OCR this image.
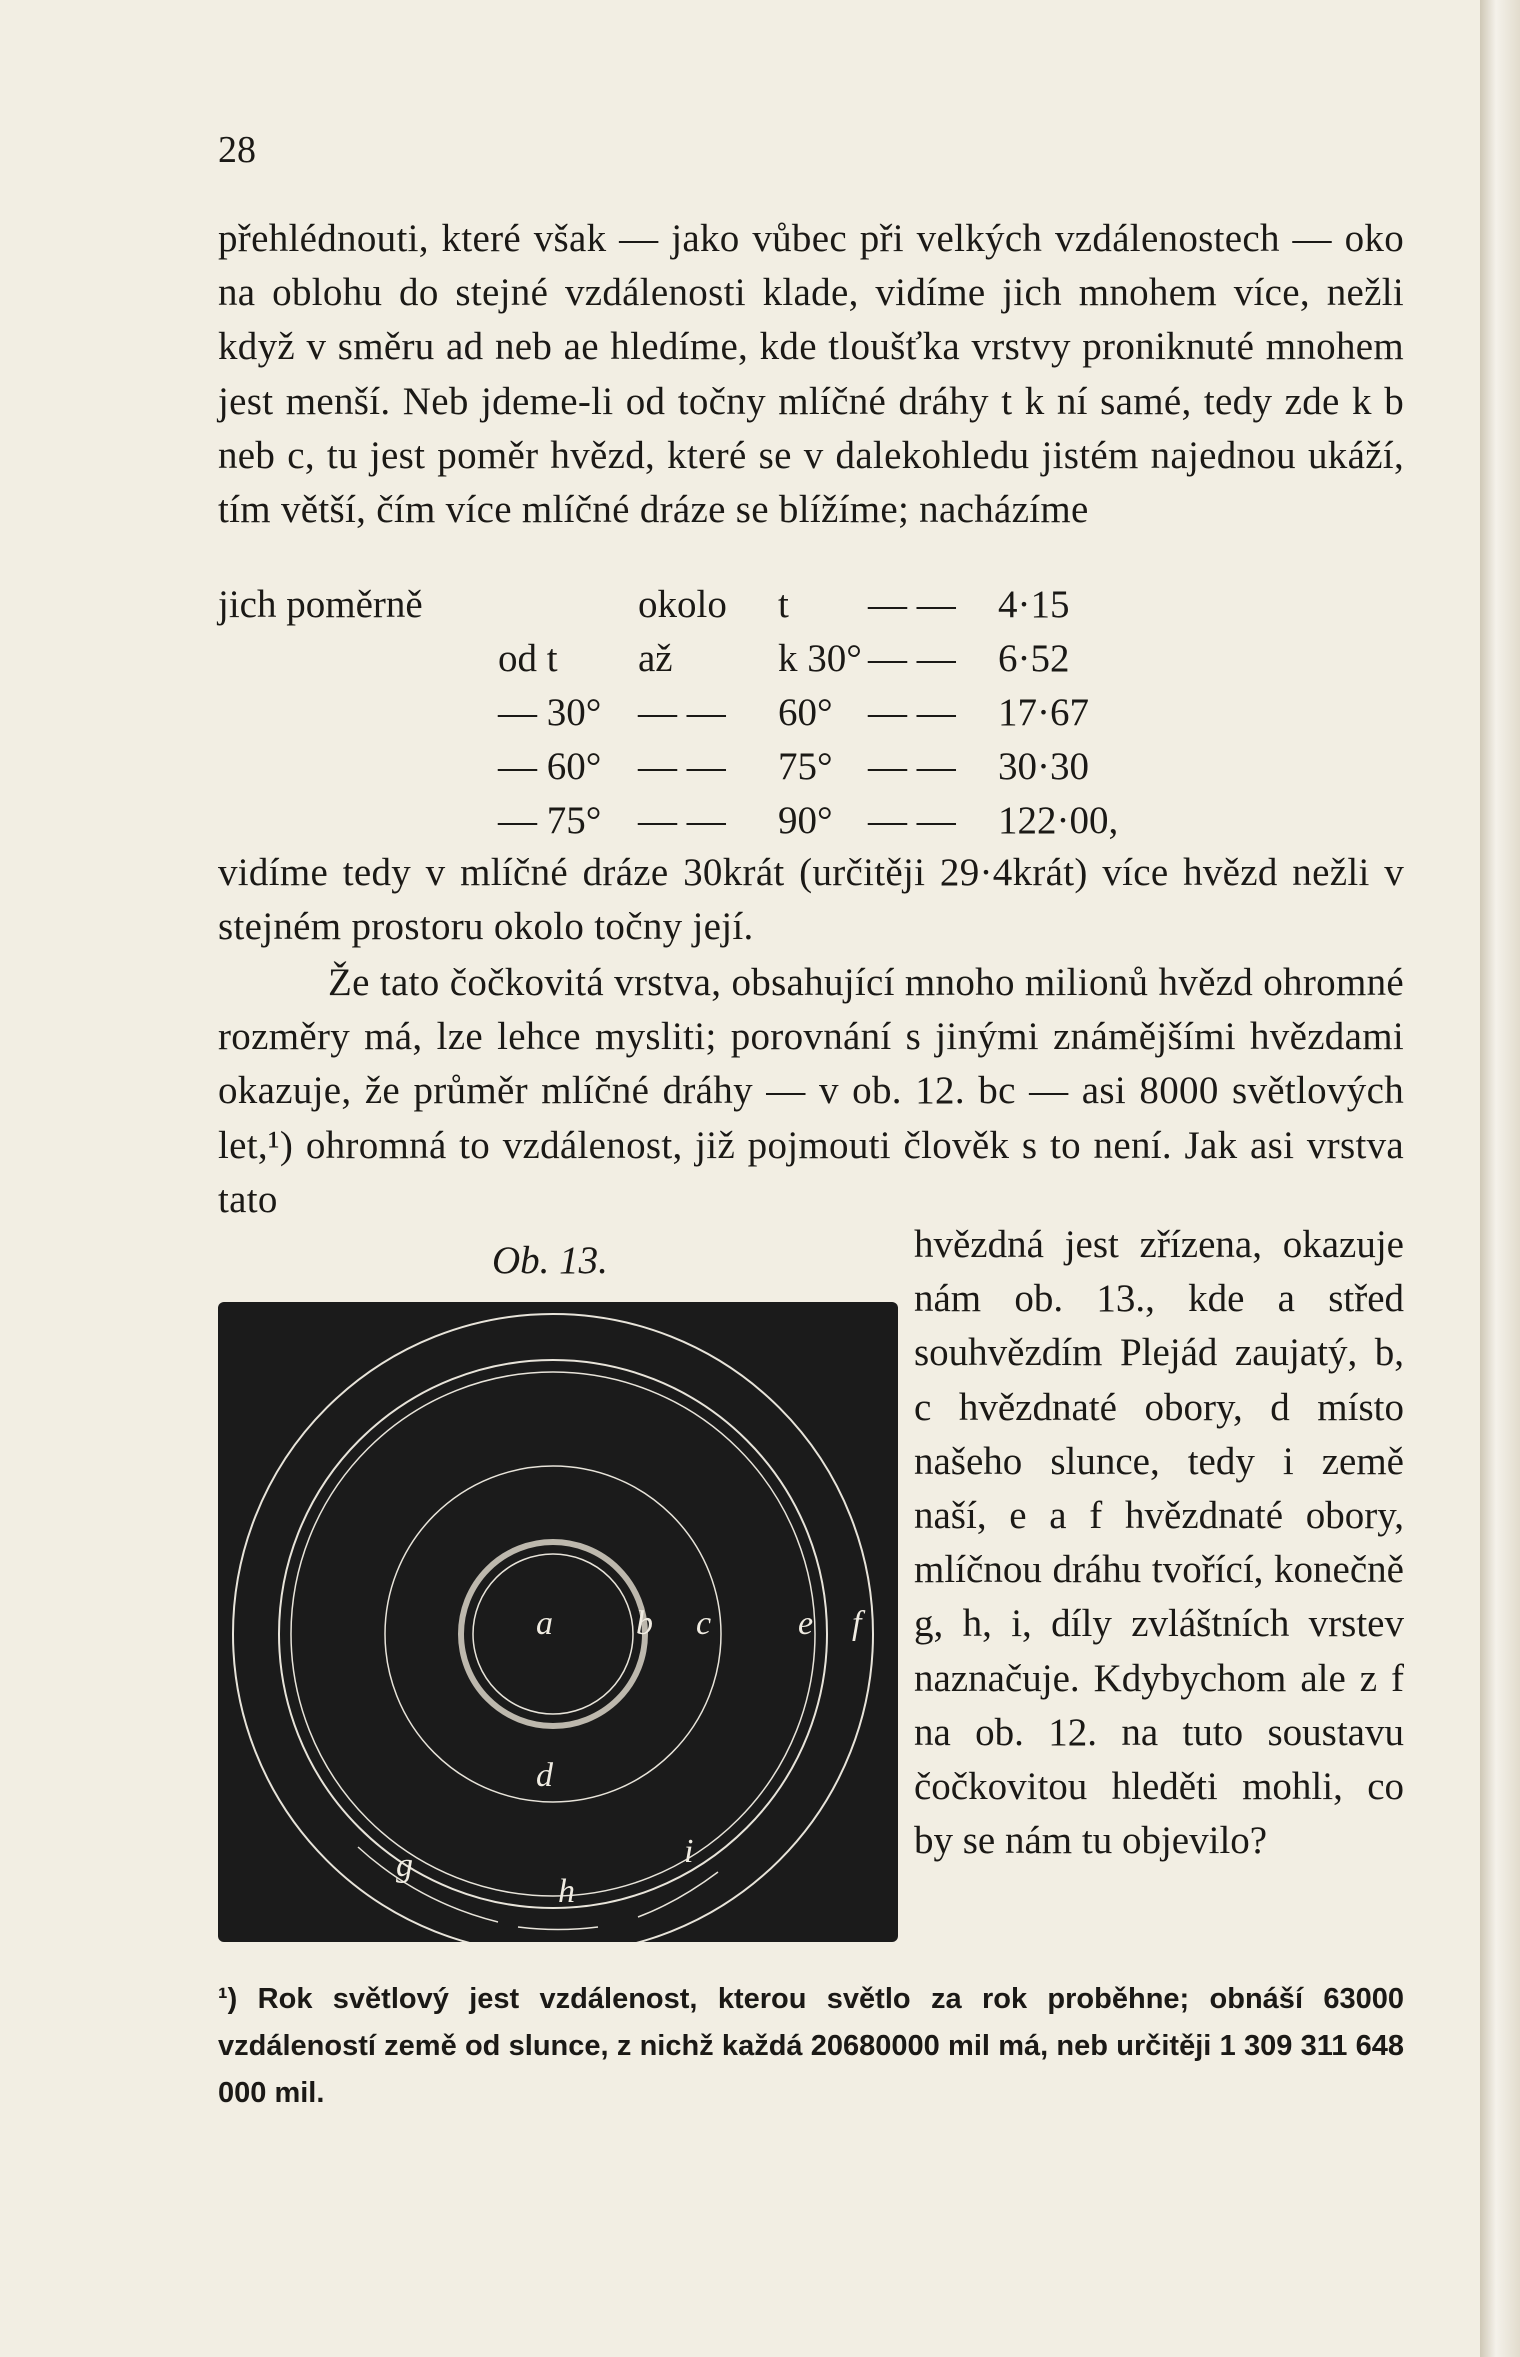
28

přehlédnouti, které však — jako vůbec při velkých vzdálenostech — oko na oblohu do stejné vzdálenosti klade, vidíme jich mnohem více, nežli když v směru ad neb ae hledíme, kde tloušťka vrstvy proniknuté mnohem jest menší. Neb jdeme-li od točny mlíčné dráhy t k ní samé, tedy zde k b neb c, tu jest poměr hvězd, které se v dalekohledu jistém najednou ukáží, tím větší, čím více mlíčné dráze se blížíme; nacházíme

jich poměrně	okolo t — — 4·15
od t až	k 30° — — 6·52
— 30° — — 60° — — 17·67
— 60° — — 75° — — 30·30
— 75° — — 90° — — 122·00,

vidíme tedy v mlíčné dráze 30krát (určitěji 29·4krát) více hvězd nežli v stejném prostoru okolo točny její.

Že tato čočkovitá vrstva, obsahující mnoho milionů hvězd ohromné rozměry má, lze lehce mysliti; porovnání s jinými známějšími hvězdami okazuje, že průměr mlíčné dráhy — v ob. 12. bc — asi 8000 světlových let,¹) ohromná to vzdálenost, již pojmouti člověk s to není. Jak asi vrstva tato

Ob. 13.
a b c
d
e f
g
h
i

hvězdná jest zřízena, okazuje nám ob. 13., kde a střed souhvězdím Plejád zaujatý, b, c hvězdnaté obory, d místo našeho slunce, tedy i země naší, e a f hvězdnaté obory, mlíčnou dráhu tvořící, konečně g, h, i, díly zvláštních vrstev naznačuje. Kdybychom ale z f na ob. 12. na tuto soustavu čočkovitou hleděti mohli, co by se nám tu objevilo?

¹) Rok světlový jest vzdálenost, kterou světlo za rok proběhne; obnáší 63000 vzdáleností země od slunce, z nichž každá 20680000 mil má, neb určitěji 1 309 311 648 000 mil.
